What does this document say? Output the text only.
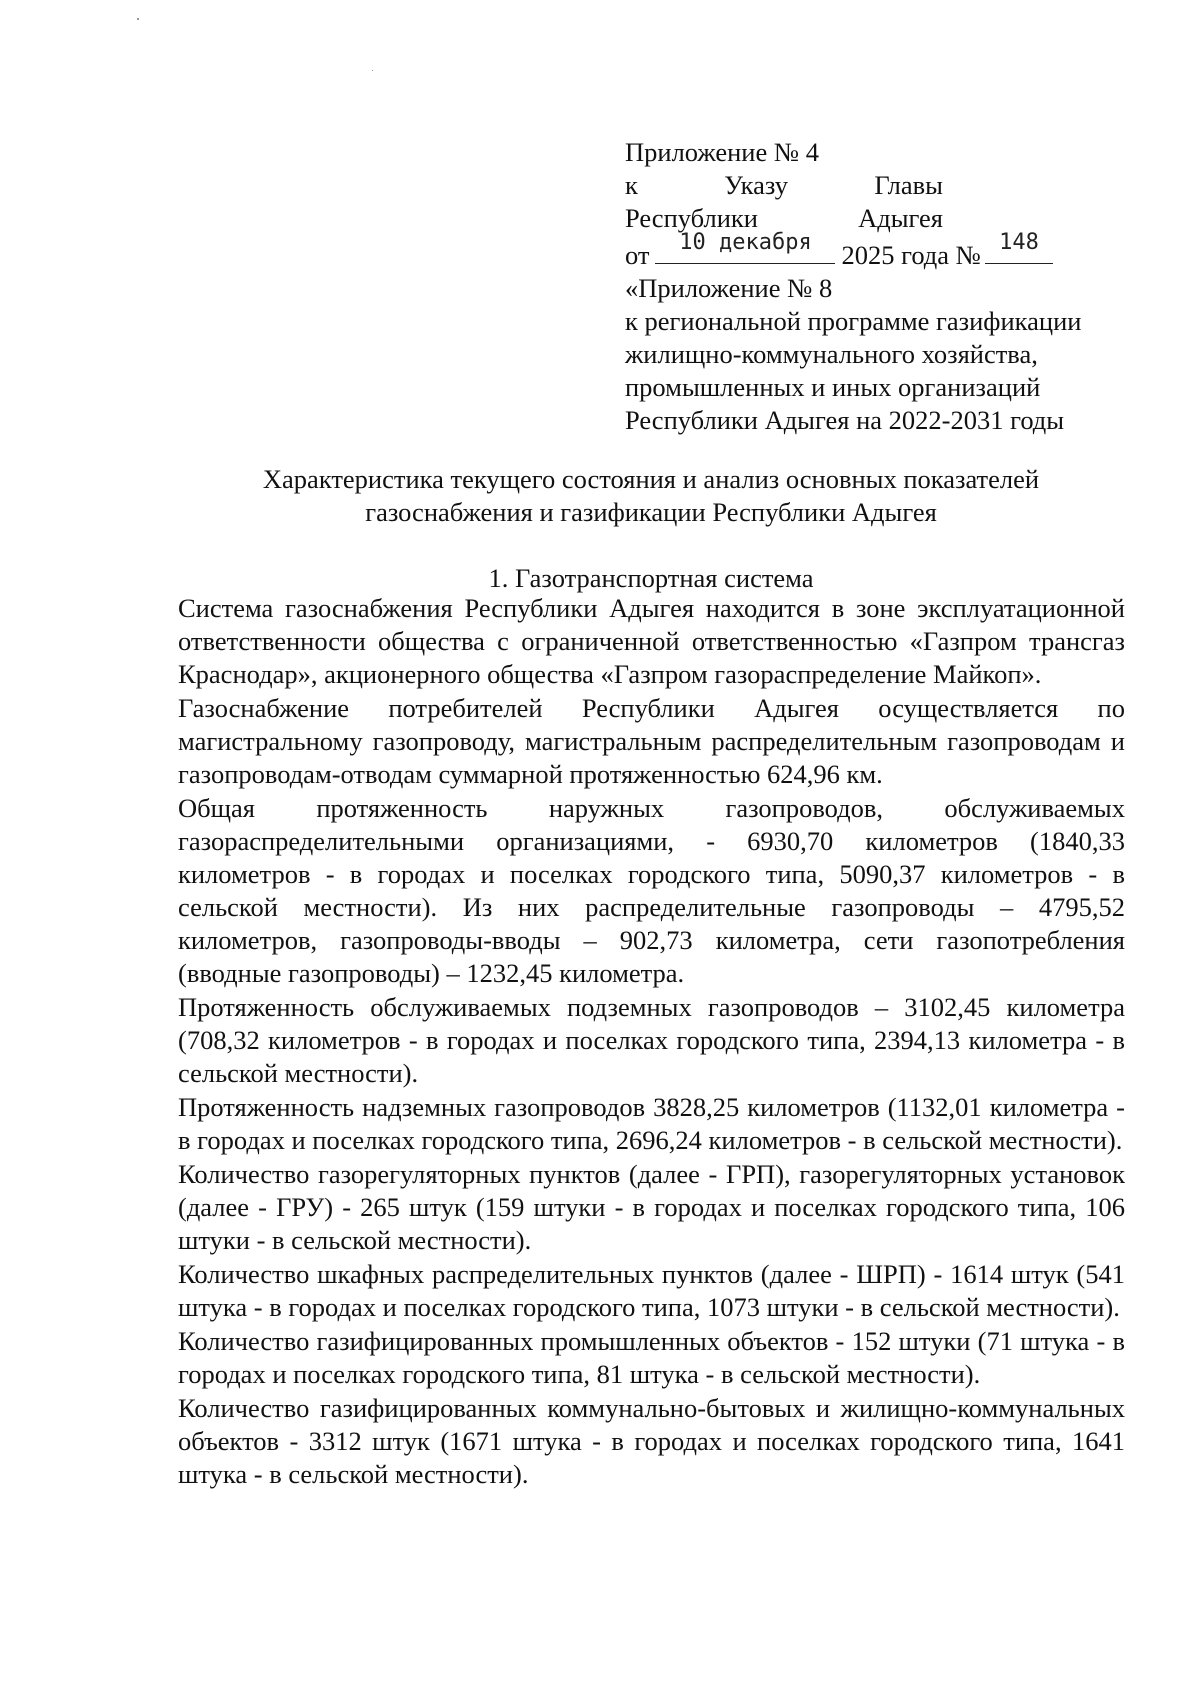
Приложение № 4
к	Указу	Главы
Республики	Адыгея
от	10 декабря	2025 года № 148
«Приложение № 8
к региональной программе газификации
жилищно-коммунального хозяйства,
промышленных и иных организаций
Республики Адыгея на 2022-2031 годы
Характеристика текущего состояния и анализ основных показателей
газоснабжения и газификации Республики Адыгея
1. Газотранспортная система

Система газоснабжения Республики Адыгея находится в зоне эксплуатационной ответственности общества с ограниченной ответственностью «Газпром трансгаз Краснодар», акционерного общества «Газпром газораспределение Майкоп».

Газоснабжение потребителей Республики Адыгея осуществляется по магистральному газопроводу, магистральным распределительным газопроводам и газопроводам-отводам суммарной протяженностью 624,96 км.

Общая протяженность наружных газопроводов, обслуживаемых газораспределительными организациями, - 6930,70 километров (1840,33 километров - в городах и поселках городского типа, 5090,37 километров - в сельской местности). Из них распределительные газопроводы – 4795,52 километров, газопроводы-вводы – 902,73 километра, сети газопотребления (вводные газопроводы) – 1232,45 километра.

Протяженность обслуживаемых подземных газопроводов – 3102,45 километра (708,32 километров - в городах и поселках городского типа, 2394,13 километра - в сельской местности).

Протяженность надземных газопроводов 3828,25 километров (1132,01 километра - в городах и поселках городского типа, 2696,24 километров - в сельской местности).

Количество газорегуляторных пунктов (далее - ГРП), газорегуляторных установок (далее - ГРУ) - 265 штук (159 штуки - в городах и поселках городского типа, 106 штуки - в сельской местности).

Количество шкафных распределительных пунктов (далее - ШРП) - 1614 штук (541 штука - в городах и поселках городского типа, 1073 штуки - в сельской местности).

Количество газифицированных промышленных объектов - 152 штуки (71 штука - в городах и поселках городского типа, 81 штука - в сельской местности).

Количество газифицированных коммунально-бытовых и жилищно-коммунальных объектов - 3312 штук (1671 штука - в городах и поселках городского типа, 1641 штука - в сельской местности).
